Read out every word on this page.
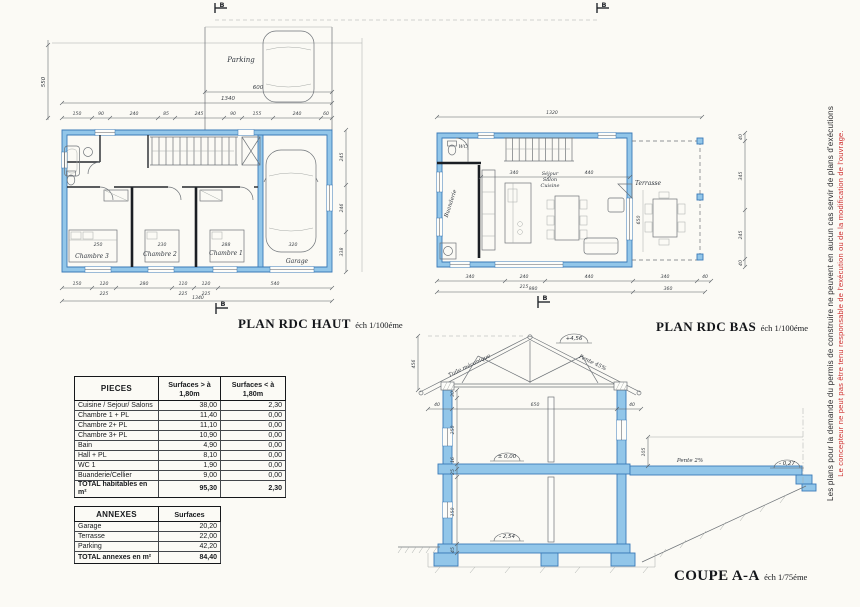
B	B
B
B
Parking
550
600
1340
150	90	240	85	245	90	155	240	60
Chambre 3	Chambre 2	Chambre 1
Garage
250	230	288	320
150	120	280	110	120	540
225	225	225
1340
245
246
338
1320
WC
Buanderie
Séjour
Salon
Cuisine	Terrasse
340	440
650
340	240
215
440	340	40
980	360
40
345
245
40
Tuile mécanique	Pente 45%
+4,56
456
40	650	40
30
250
16
25
150
45
± 0,00
- 2,54
- 0,27
Pente 2%
105
PLAN RDC HAUT éch 1/100éme	PLAN RDC BAS éch 1/100éme
COUPE A-A éch 1/75éme
PIECES	Surfaces > à 1,80m	Surfaces < à 1,80m
Cuisine / Sejour/ Salons	38,00	2,30
Chambre 1 + PL	11,40	0,00
Chambre 2+ PL	11,10	0,00
Chambre 3+ PL	10,90	0,00
Bain	4,90	0,00
Hall + PL	8,10	0,00
WC 1	1,90	0,00
Buanderie/Cellier	9,00	0,00
TOTAL habitables en m²	95,30	2,30
ANNEXES	Surfaces
Garage	20,20
Terrasse	22,00
Parking	42,20
TOTAL annexes en m²	84,40
Les plans pour la demande du permis de construire ne peuvent en aucun cas servir de plans d'exécutions Le concepteur ne peut pas être tenu responsable de l'exécution ou de la modification de l'ouvrage.
